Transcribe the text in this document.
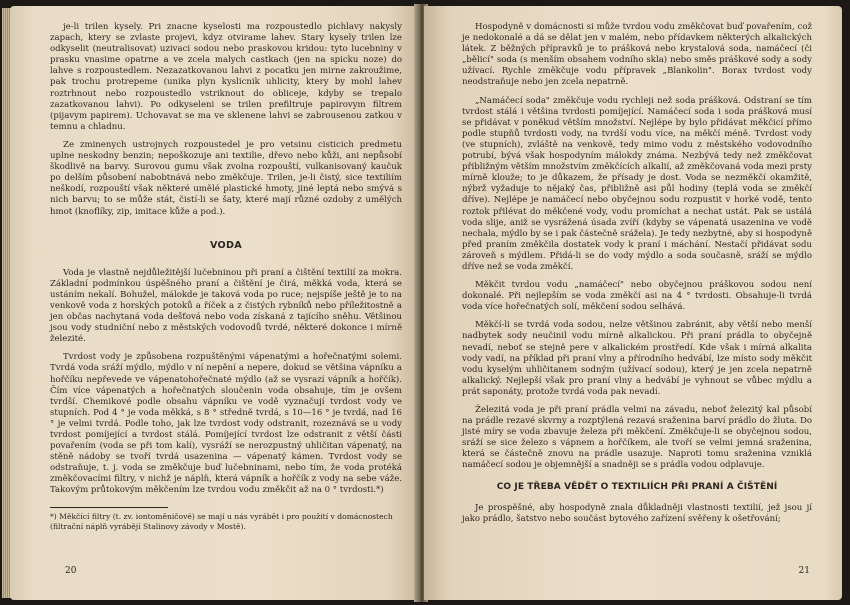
je-li trilen kysely. Pri znacne kyselosti ma rozpoustedlo pichlavy nakysly zapach, ktery se zvlaste projevi, kdyz otvirame lahev. Stary kysely trilen lze odkyselit (neutralisovat) uzivaci sodou nebo praskovou kridou: tyto lucebniny v prasku vnasime opatrne a ve zcela malych castkach (jen na spicku noze) do lahve s rozpoustedlem. Nezazatkovanou lahvi z pocatku jen mirne zakroužime, pak trochu protrepeme (unika plyn kyslicnik uhlicity, ktery by mohl lahev roztrhnout nebo rozpoustedlo vstriknout do obliceje, kdyby se trepalo zazatkovanou lahvi). Po odkyseleni se trilen prefiltruje papirovym filtrem (pijavym papirem). Uchovavat se ma ve sklenene lahvi se zabrousenou zatkou v temnu a chladnu.

Ze zminenych ustrojnych rozpoustedel je pro vetsinu cisticich predmetu uplne neskodny benzin; nepoškozuje ani textilie, dřevo nebo kůži, ani nepůsobí škodlivě na barvy. Surovou gumu však zvolna rozpouští, vulkanisovaný kaučuk po delším působení nabobtnává nebo změkčuje. Trilen, je-li čistý, sice textiliím neškodí, rozpouští však některé umělé plastické hmoty, jiné leptá nebo smývá s nich barvu; to se může stát, čistí-li se šaty, které mají různé ozdoby z umělých hmot (knoflíky, zip, imitace kůže a pod.).

VODA

Voda je vlastně nejdůležitější lučebninou při praní a čištění textilií za mokra. Základní podmínkou úspěšného praní a čištění je čirá, měkká voda, která se ustáním nekalí. Bohužel, málokde je taková voda po ruce; nejspíše ještě je to na venkově voda z horských potoků a říček a z čistých rybníků nebo příležitostně a jen občas nachytaná voda dešťová nebo voda získaná z tajícího sněhu. Většinou jsou vody studniční nebo z městských vodovodů tvrdé, některé dokonce i mírně železité.

Tvrdost vody je způsobena rozpuštěnými vápenatými a hořečnatými solemi. Tvrdá voda sráží mýdlo, mýdlo v ní nepění a nepere, dokud se většina vápníku a hořčíku nepřevede ve vápenatohořečnaté mýdlo (až se vysrazí vápník a hořčík). Čím více vápenatých a hořečnatých sloučenin voda obsahuje, tím je ovšem tvrdší. Chemikové podle obsahu vápníku ve vodě vyznačují tvrdost vody ve stupních. Pod 4 ° je voda měkká, s 8 ° středně tvrdá, s 10—16 ° je tvrdá, nad 16 ° je velmi tvrdá. Podle toho, jak lze tvrdost vody odstranit, rozeznává se u vody tvrdost pomíjející a tvrdost stálá. Pomíjející tvrdost lze odstranit z větší části povařením (voda se při tom kalí), vysráží se nerozpustný uhličitan vápenatý, na stěně nádoby se tvoří tvrdá usazenina — vápenatý kámen. Tvrdost vody se odstraňuje, t. j. voda se změkčuje buď lučebninami, nebo tím, že voda protéká změkčovacími filtry, v nichž je náplň, která vápník a hořčík z vody na sebe váže. Takovým průtokovým měkčením lze tvrdou vodu změkčit až na 0 ° tvrdosti.*)

*) Měkčící filtry (t. zv. iontoměničové) se mají u nás vyrábět i pro použití v domácnostech (filtrační náplň vyrábějí Stalinovy závody v Mostě).

20

Hospodyně v domácnosti si může tvrdou vodu změkčovat buď povařením, což je nedokonalé a dá se dělat jen v malém, nebo přídavkem některých alkalických látek. Z běžných přípravků je to prášková nebo krystalová soda, namáčecí (či „bělicí" soda (s menším obsahem vodního skla) nebo směs práškové sody a sody užívací. Rychle změkčuje vodu přípravek „Blankolin". Borax tvrdost vody neodstraňuje nebo jen zcela nepatrně.

„Namáčecí soda" změkčuje vodu rychleji než soda prášková. Odstraní se tím tvrdost stálá i většina tvrdosti pomíjející. Namáčecí soda i soda prášková musí se přidávat v poněkud větším množství. Nejlépe by bylo přidávat měkčicí přímo podle stupňů tvrdosti vody, na tvrdší vodu více, na měkčí méně. Tvrdost vody (ve stupních), zvláště na venkově, tedy mimo vodu z městského vodovodního potrubí, bývá však hospodyním málokdy známa. Nezbývá tedy než změkčovat přibližným větším množstvím změkčících alkalií, až změkčovaná voda mezi prsty mírně klouže; to je důkazem, že přísady je dost. Voda se nezměkčí okamžitě, nýbrž vyžaduje to nějaký čas, přibližně asi půl hodiny (teplá voda se změkčí dříve). Nejlépe je namáčecí nebo obyčejnou sodu rozpustit v horké vodě, tento roztok přilévat do měkčené vody, vodu promíchat a nechat ustát. Pak se ustálá voda slije, aniž se vysrážená úsada zvíří (kdyby se vápenatá usazenina ve vodě nechala, mýdlo by se i pak částečně srážela). Je tedy nezbytné, aby si hospodyně před praním změkčila dostatek vody k praní i máchání. Nestačí přidávat sodu zároveň s mýdlem. Přidá-li se do vody mýdlo a soda současně, sráží se mýdlo dříve než se voda změkčí.

Měkčit tvrdou vodu „namáčecí" nebo obyčejnou práškovou sodou není dokonalé. Při nejlepším se voda změkčí asi na 4 ° tvrdosti. Obsahuje-li tvrdá voda více hořečnatých solí, měkčení sodou selhává.

Měkčí-li se tvrdá voda sodou, nelze většinou zabránit, aby větší nebo menší nadbytek sody neučinil vodu mírně alkalickou. Při praní prádla to obyčejně nevadí, neboť se stejně pere v alkalickém prostředí. Kde však i mírná alkalita vody vadí, na příklad při praní vlny a přírodního hedvábí, lze místo sody měkčit vodu kyselým uhličitanem sodným (užívací sodou), který je jen zcela nepatrně alkalický. Nejlepší však pro praní vlny a hedvábí je vyhnout se vůbec mýdlu a prát saponáty, protože tvrdá voda pak nevadí.

Železitá voda je při praní prádla velmi na závadu, neboť železitý kal působí na prádle rezavé skvrny a rozptýlená rezavá sraženina barví prádlo do žluta. Do jisté míry se voda zbavuje železa při měkčení. Změkčuje-li se obyčejnou sodou, sráží se sice železo s vápnem a hořčíkem, ale tvoří se velmi jemná sraženina, která se částečně znovu na prádle usazuje. Naproti tomu sraženina vzniklá namáčecí sodou je objemnější a snadněji se s prádla vodou odplavuje.

CO JE TŘEBA VĚDĚT O TEXTILIÍCH PŘI PRANÍ A ČIŠTĚNÍ

Je prospěšné, aby hospodyně znala důkladněji vlastnosti textilií, jež jsou jí jako prádlo, šatstvo nebo součást bytového zařízení svěřeny k ošetřování;

21
